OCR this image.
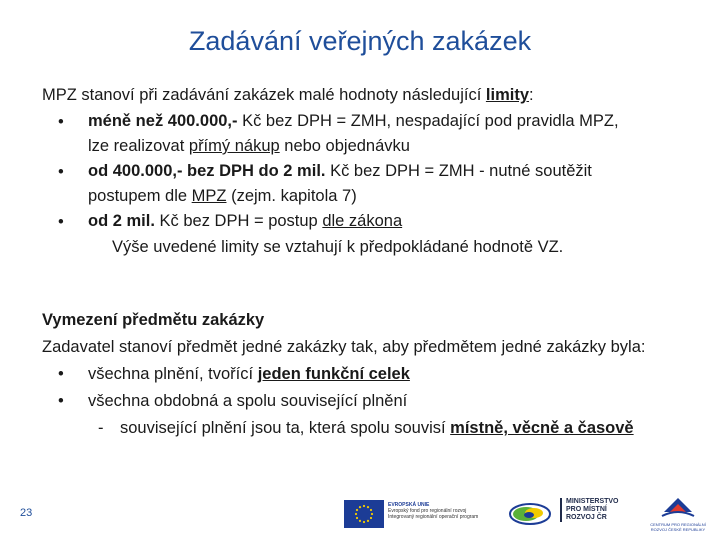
Zadávání veřejných zakázek

MPZ stanoví při zadávání zakázek malé hodnoty následující limity:

• méně než 400.000,- Kč bez DPH = ZMH, nespadající pod pravidla MPZ,
lze realizovat přímý nákup nebo objednávku
• od 400.000,- bez DPH do 2 mil. Kč bez DPH = ZMH - nutné soutěžit
postupem dle MPZ (zejm. kapitola 7)
• od 2 mil. Kč bez DPH = postup dle zákona
Výše uvedené limity se vztahují k předpokládané hodnotě VZ.

Vymezení předmětu zakázky

Zadavatel stanoví předmět jedné zakázky tak, aby předmětem jedné zakázky byla:

• všechna plnění, tvořící jeden funkční celek
• všechna obdobná a spolu související plnění
- související plnění jsou ta, která spolu souvisí místně, věcně a časově
23
EVROPSKÁ UNIE
Evropský fond pro regionální rozvoj
Integrovaný regionální operační program
MINISTERSTVO
PRO MÍSTNÍ
ROZVOJ ČR
CENTRUM PRO REGIONÁLNÍ ROZVOJ ČESKÉ REPUBLIKY
